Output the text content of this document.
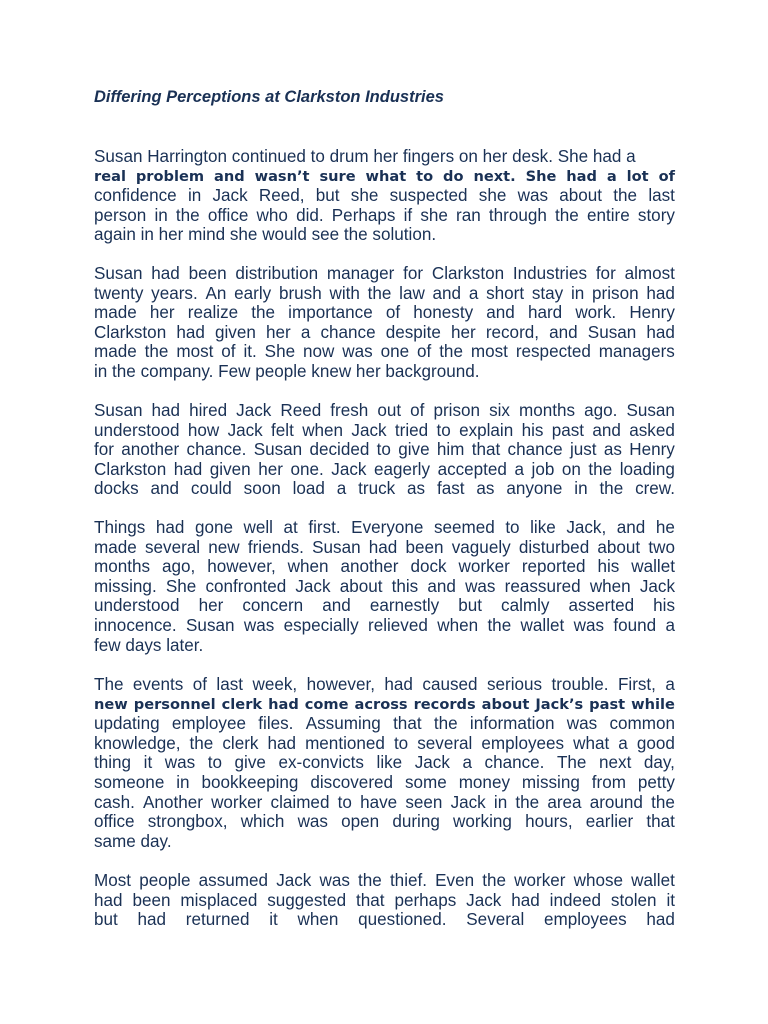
Differing Perceptions at Clarkston Industries

Susan Harrington continued to drum her fingers on her desk. She had a
real problem and wasn’t sure what to do next. She had a lot of
confidence in Jack Reed, but she suspected she was about the last
person in the office who did. Perhaps if she ran through the entire story
again in her mind she would see the solution.

Susan had been distribution manager for Clarkston Industries for almost
twenty years. An early brush with the law and a short stay in prison had
made her realize the importance of honesty and hard work. Henry
Clarkston had given her a chance despite her record, and Susan had
made the most of it. She now was one of the most respected managers
in the company. Few people knew her background.

Susan had hired Jack Reed fresh out of prison six months ago. Susan
understood how Jack felt when Jack tried to explain his past and asked
for another chance. Susan decided to give him that chance just as Henry
Clarkston had given her one. Jack eagerly accepted a job on the loading
docks and could soon load a truck as fast as anyone in the crew.

Things had gone well at first. Everyone seemed to like Jack, and he
made several new friends. Susan had been vaguely disturbed about two
months ago, however, when another dock worker reported his wallet
missing. She confronted Jack about this and was reassured when Jack
understood her concern and earnestly but calmly asserted his
innocence. Susan was especially relieved when the wallet was found a
few days later.

The events of last week, however, had caused serious trouble. First, a
new personnel clerk had come across records about Jack’s past while
updating employee files. Assuming that the information was common
knowledge, the clerk had mentioned to several employees what a good
thing it was to give ex-convicts like Jack a chance. The next day,
someone in bookkeeping discovered some money missing from petty
cash. Another worker claimed to have seen Jack in the area around the
office strongbox, which was open during working hours, earlier that
same day.

Most people assumed Jack was the thief. Even the worker whose wallet
had been misplaced suggested that perhaps Jack had indeed stolen it
but had returned it when questioned. Several employees had
